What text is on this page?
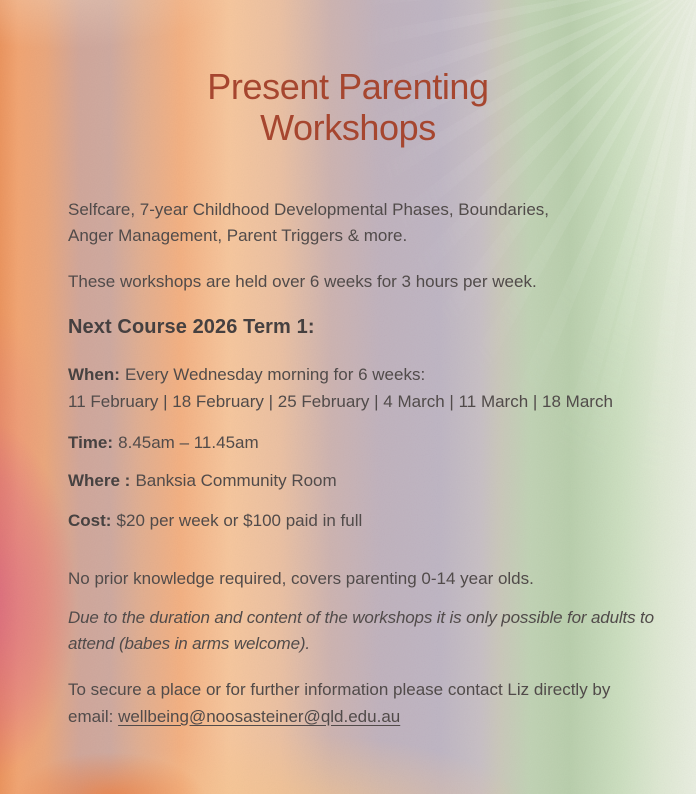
Present Parenting
Workshops

Selfcare, 7-year Childhood Developmental Phases, Boundaries,
Anger Management, Parent Triggers & more.

These workshops are held over 6 weeks for 3 hours per week.

Next Course 2026 Term 1:

When: Every Wednesday morning for 6 weeks:
11 February | 18 February | 25 February | 4 March | 11 March | 18 March

Time: 8.45am – 11.45am

Where : Banksia Community Room

Cost: $20 per week or $100 paid in full

No prior knowledge required, covers parenting 0-14 year olds.

Due to the duration and content of the workshops it is only possible for adults to
attend (babes in arms welcome).

To secure a place or for further information please contact Liz directly by
email: wellbeing@noosasteiner@qld.edu.au
